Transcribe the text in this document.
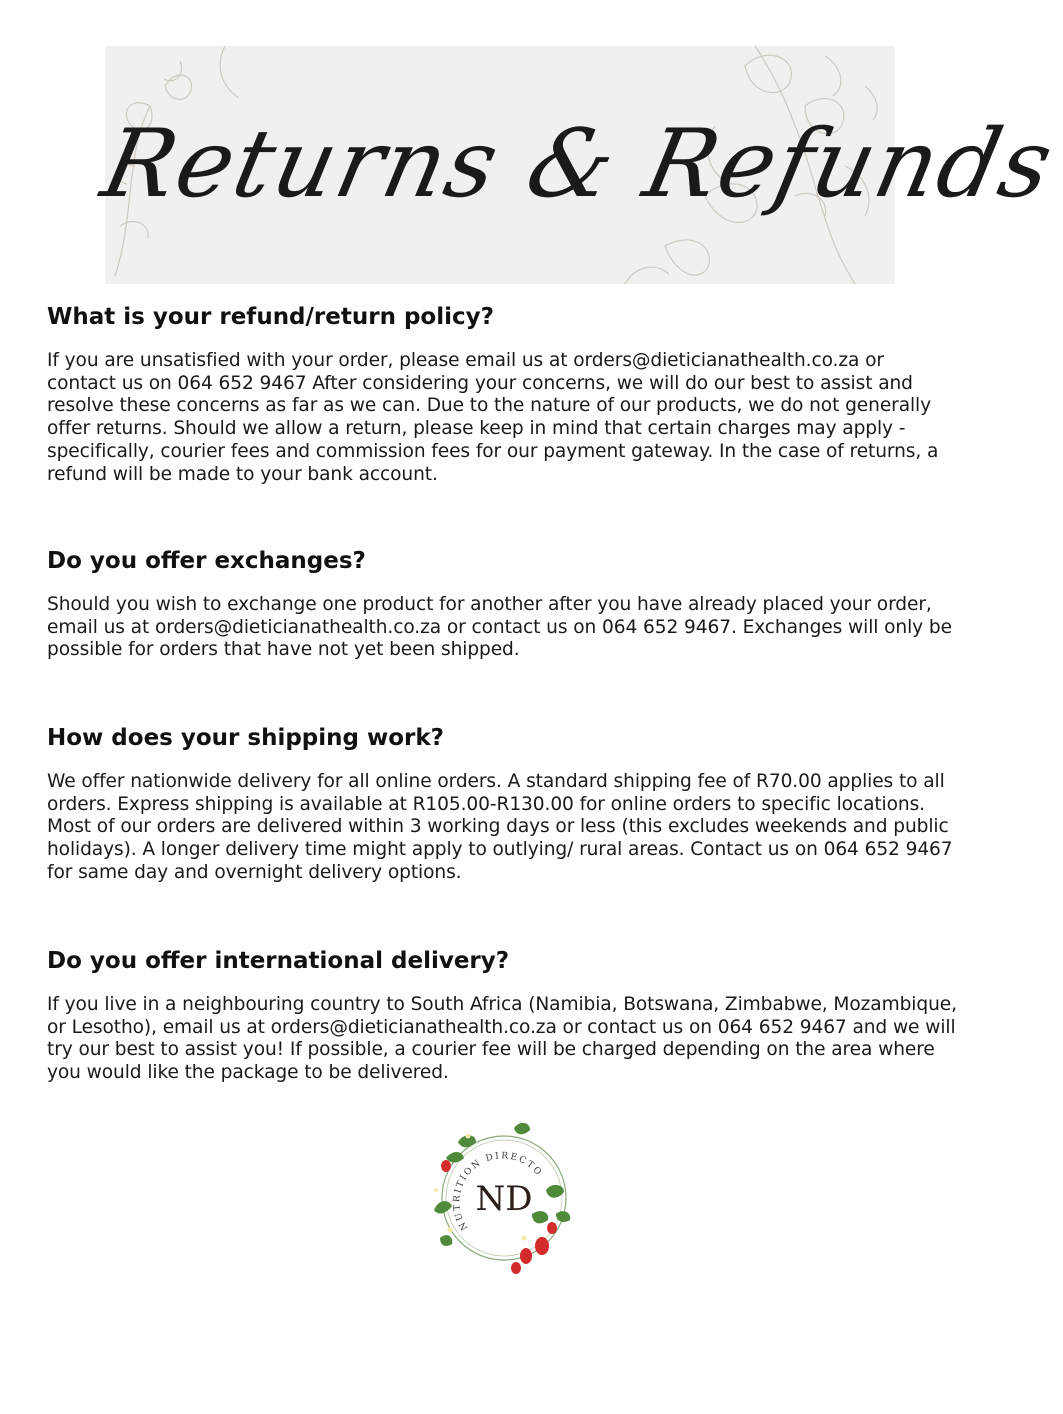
Returns & Refunds
What is your refund/return policy?

If you are unsatisfied with your order, please email us at orders@dieticianathealth.co.za or contact us on 064 652 9467 After considering your concerns, we will do our best to assist and resolve these concerns as far as we can. Due to the nature of our products, we do not generally offer returns. Should we allow a return, please keep in mind that certain charges may apply - specifically, courier fees and commission fees for our payment gateway. In the case of returns, a refund will be made to your bank account.

Do you offer exchanges?

Should you wish to exchange one product for another after you have already placed your order, email us at orders@dieticianathealth.co.za or contact us on 064 652 9467. Exchanges will only be possible for orders that have not yet been shipped.

How does your shipping work?

We offer nationwide delivery for all online orders. A standard shipping fee of R70.00 applies to all orders. Express shipping is available at R105.00-R130.00 for online orders to specific locations. Most of our orders are delivered within 3 working days or less (this excludes weekends and public holidays). A longer delivery time might apply to outlying/ rural areas. Contact us on 064 652 9467 for same day and overnight delivery options.

Do you offer international delivery?

If you live in a neighbouring country to South Africa (Namibia, Botswana, Zimbabwe, Mozambique, or Lesotho), email us at orders@dieticianathealth.co.za or contact us on 064 652 9467 and we will try our best to assist you! If possible, a courier fee will be charged depending on the area where you would like the package to be delivered.

NUTRITION DIRECTO
ND
